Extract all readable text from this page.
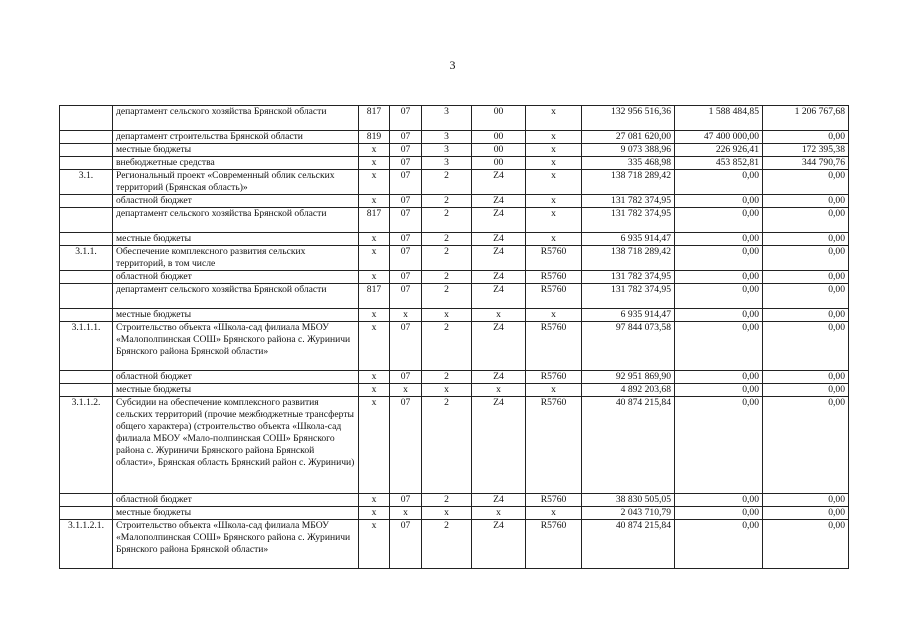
3
	департамент сельского хозяйства Брянской области	817	07	3	00	х	132 956 516,36	1 588 484,85	1 206 767,68
	департамент строительства Брянской области	819	07	3	00	х	27 081 620,00	47 400 000,00	0,00
	местные бюджеты	х	07	3	00	х	9 073 388,96	226 926,41	172 395,38
	внебюджетные средства	х	07	3	00	х	335 468,98	453 852,81	344 790,76
3.1.	Региональный проект «Современный облик сельских территорий (Брянская область)»	х	07	2	Z4	х	138 718 289,42	0,00	0,00
	областной бюджет	х	07	2	Z4	х	131 782 374,95	0,00	0,00
	департамент сельского хозяйства Брянской области	817	07	2	Z4	х	131 782 374,95	0,00	0,00
	местные бюджеты	х	07	2	Z4	х	6 935 914,47	0,00	0,00
3.1.1.	Обеспечение комплексного развития сельских территорий, в том числе	х	07	2	Z4	R5760	138 718 289,42	0,00	0,00
	областной бюджет	х	07	2	Z4	R5760	131 782 374,95	0,00	0,00
	департамент сельского хозяйства Брянской области	817	07	2	Z4	R5760	131 782 374,95	0,00	0,00
	местные бюджеты	х	х	х	х	х	6 935 914,47	0,00	0,00
3.1.1.1.	Строительство объекта «Школа-сад филиала МБОУ «Малополпинская СОШ» Брянского района с. Журиничи Брянского района Брянской области»	х	07	2	Z4	R5760	97 844 073,58	0,00	0,00
	областной бюджет	х	07	2	Z4	R5760	92 951 869,90	0,00	0,00
	местные бюджеты	х	х	х	х	х	4 892 203,68	0,00	0,00
3.1.1.2.	Субсидии на обеспечение комплексного развития сельских территорий (прочие межбюджетные трансферты общего характера) (строительство объекта «Школа-сад филиала МБОУ «Мало-полпинская СОШ» Брянского района с. Журиничи Брянского района Брянской области», Брянская область Брянский район с. Журиничи)	х	07	2	Z4	R5760	40 874 215,84	0,00	0,00
	областной бюджет	х	07	2	Z4	R5760	38 830 505,05	0,00	0,00
	местные бюджеты	х	х	х	х	х	2 043 710,79	0,00	0,00
3.1.1.2.1.	Строительство объекта «Школа-сад филиала МБОУ «Малополпинская СОШ» Брянского района с. Журиничи Брянского района Брянской области»	х	07	2	Z4	R5760	40 874 215,84	0,00	0,00
